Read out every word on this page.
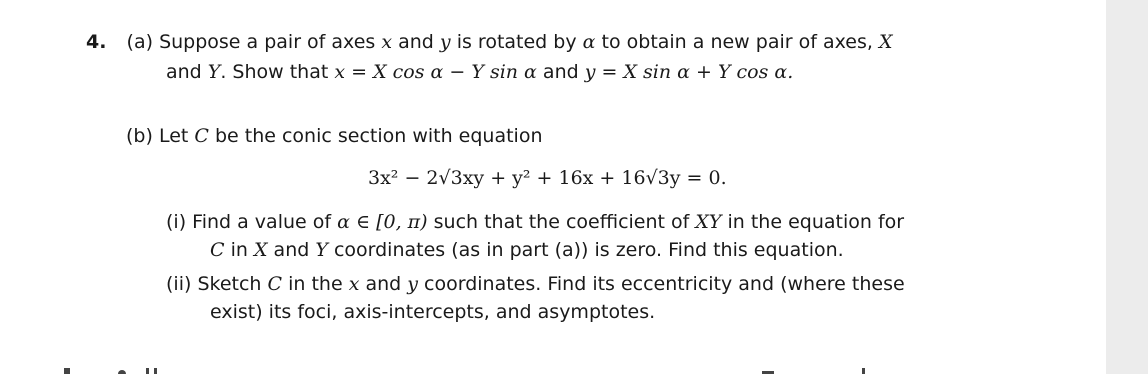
4. (a) Suppose a pair of axes x and y is rotated by α to obtain a new pair of axes, X
and Y. Show that x = X cos α − Y sin α and y = X sin α + Y cos α.
(b) Let C be the conic section with equation
3x² − 2√3xy + y² + 16x + 16√3y = 0.
(i) Find a value of α ∈ [0, π) such that the coefficient of XY in the equation for
C in X and Y coordinates (as in part (a)) is zero. Find this equation.
(ii) Sketch C in the x and y coordinates. Find its eccentricity and (where these
exist) its foci, axis-intercepts, and asymptotes.
